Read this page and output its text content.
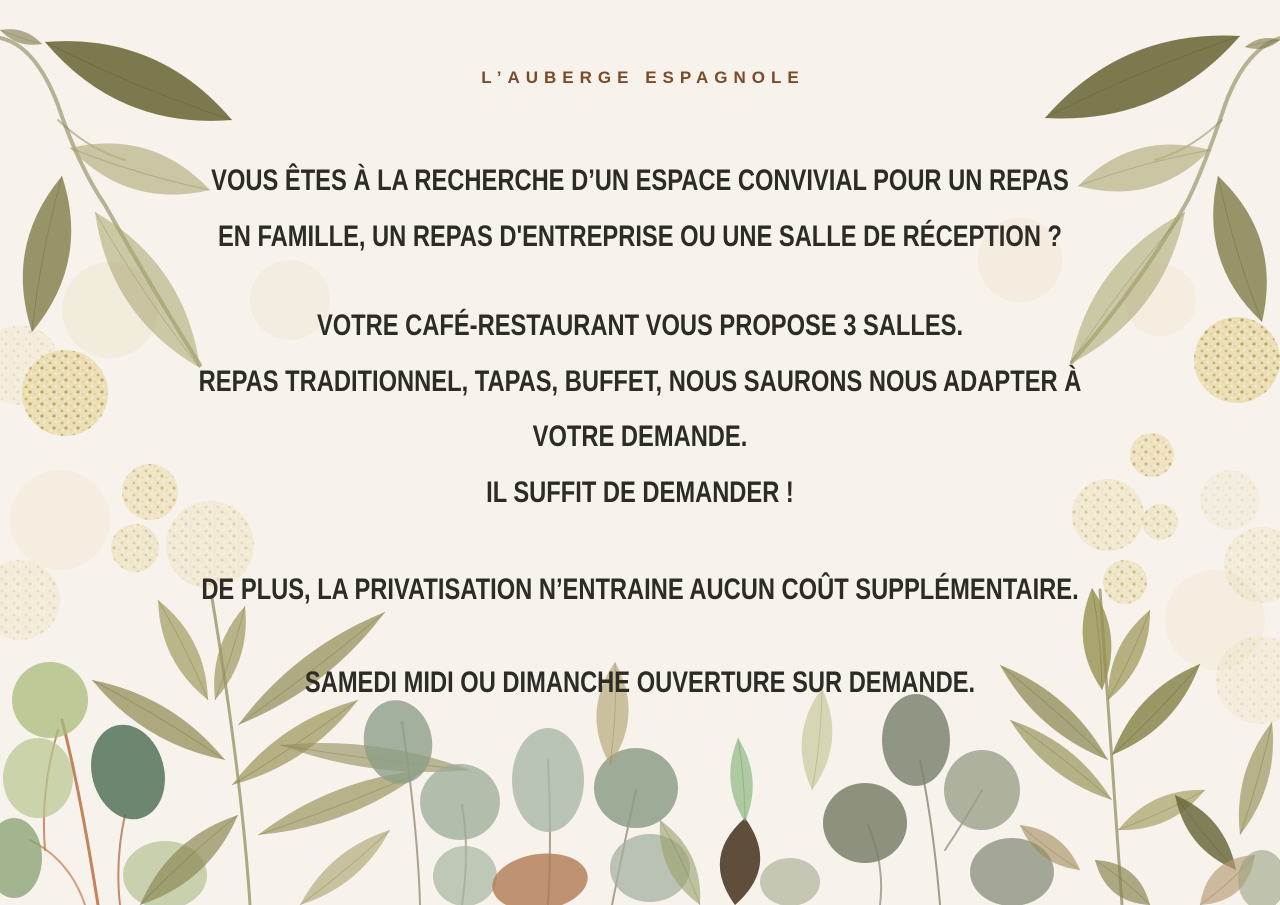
L’AUBERGE ESPAGNOLE
VOUS ÊTES À LA RECHERCHE D’UN ESPACE CONVIVIAL POUR UN REPAS
EN FAMILLE, UN REPAS D'ENTREPRISE OU UNE SALLE DE RÉCEPTION ?
VOTRE CAFÉ-RESTAURANT VOUS PROPOSE 3 SALLES.
REPAS TRADITIONNEL, TAPAS, BUFFET, NOUS SAURONS NOUS ADAPTER À
VOTRE DEMANDE.
IL SUFFIT DE DEMANDER !
DE PLUS, LA PRIVATISATION N’ENTRAINE AUCUN COÛT SUPPLÉMENTAIRE.
SAMEDI MIDI OU DIMANCHE OUVERTURE SUR DEMANDE.
